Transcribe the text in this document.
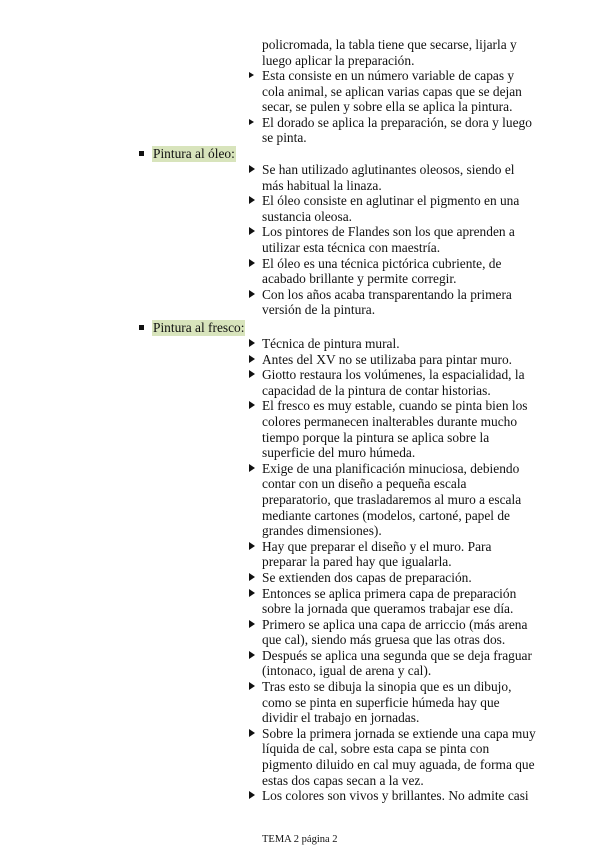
policromada, la tabla tiene que secarse, lijarla y
luego aplicar la preparación.
Esta consiste en un número variable de capas y
cola animal, se aplican varias capas que se dejan
secar, se pulen y sobre ella se aplica la pintura.
El dorado se aplica la preparación, se dora y luego
se pinta.
Pintura al óleo:
Se han utilizado aglutinantes oleosos, siendo el
más habitual la linaza.
El óleo consiste en aglutinar el pigmento en una
sustancia oleosa.
Los pintores de Flandes son los que aprenden a
utilizar esta técnica con maestría.
El óleo es una técnica pictórica cubriente, de
acabado brillante y permite corregir.
Con los años acaba transparentando la primera
versión de la pintura.
Pintura al fresco:
Técnica de pintura mural.
Antes del XV no se utilizaba para pintar muro.
Giotto restaura los volúmenes, la espacialidad, la
capacidad de la pintura de contar historias.
El fresco es muy estable, cuando se pinta bien los
colores permanecen inalterables durante mucho
tiempo porque la pintura se aplica sobre la
superficie del muro húmeda.
Exige de una planificación minuciosa, debiendo
contar con un diseño a pequeña escala
preparatorio, que trasladaremos al muro a escala
mediante cartones (modelos, cartoné, papel de
grandes dimensiones).
Hay que preparar el diseño y el muro. Para
preparar la pared hay que igualarla.
Se extienden dos capas de preparación.
Entonces se aplica primera capa de preparación
sobre la jornada que queramos trabajar ese día.
Primero se aplica una capa de arriccio (más arena
que cal), siendo más gruesa que las otras dos.
Después se aplica una segunda que se deja fraguar
(intonaco, igual de arena y cal).
Tras esto se dibuja la sinopia que es un dibujo,
como se pinta en superficie húmeda hay que
dividir el trabajo en jornadas.
Sobre la primera jornada se extiende una capa muy
líquida de cal, sobre esta capa se pinta con
pigmento diluido en cal muy aguada, de forma que
estas dos capas secan a la vez.
Los colores son vivos y brillantes. No admite casi
TEMA 2 página 2
